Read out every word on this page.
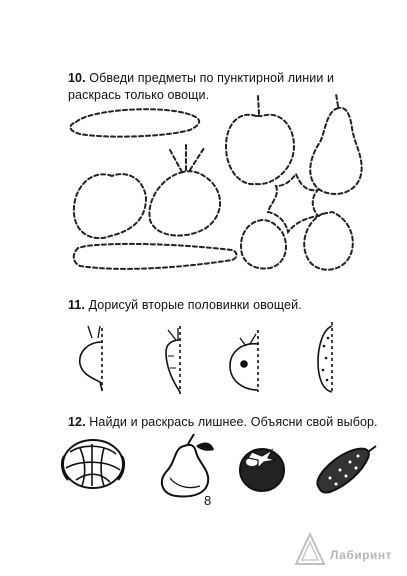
10. Обведи предметы по пунктирной линии и раскрась только овощи.
11. Дорисуй вторые половинки овощей.
12. Найди и раскрась лишнее. Объясни свой выбор.
8
Лабиринт
